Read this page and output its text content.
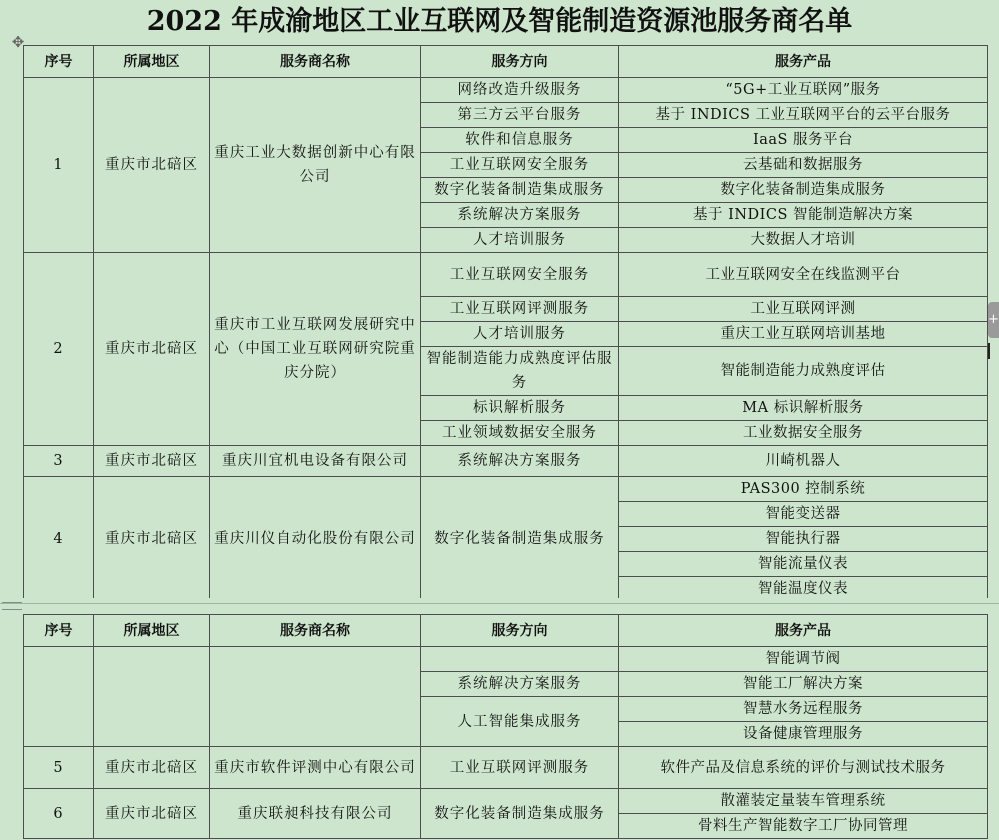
2022 年成渝地区工业互联网及智能制造资源池服务商名单
✥
序号	所属地区	服务商名称	服务方向	服务产品
1	重庆市北碚区	重庆工业大数据创新中心有限公司	网络改造升级服务	“5G+工业互联网”服务
			第三方云平台服务	基于 INDICS 工业互联网平台的云平台服务
			软件和信息服务	IaaS 服务平台
			工业互联网安全服务	云基础和数据服务
			数字化装备制造集成服务	数字化装备制造集成服务
			系统解决方案服务	基于 INDICS 智能制造解决方案
			人才培训服务	大数据人才培训
2	重庆市北碚区	重庆市工业互联网发展研究中心（中国工业互联网研究院重庆分院）	工业互联网安全服务	工业互联网安全在线监测平台
			工业互联网评测服务	工业互联网评测
			人才培训服务	重庆工业互联网培训基地
			智能制造能力成熟度评估服务	智能制造能力成熟度评估
			标识解析服务	MA 标识解析服务
			工业领域数据安全服务	工业数据安全服务

3	重庆市北碚区	重庆川宜机电设备有限公司	系统解决方案服务	川崎机器人
4	重庆市北碚区	重庆川仪自动化股份有限公司	数字化装备制造集成服务	PAS300 控制系统
				智能变送器
				智能执行器
				智能流量仪表
				智能温度仪表
序号	所属地区	服务商名称	服务方向	服务产品
				智能调节阀
			系统解决方案服务	智能工厂解决方案
			人工智能集成服务	智慧水务远程服务
				设备健康管理服务
5	重庆市北碚区	重庆市软件评测中心有限公司	工业互联网评测服务	软件产品及信息系统的评价与测试技术服务
6	重庆市北碚区	重庆联昶科技有限公司	数字化装备制造集成服务	散灌装定量装车管理系统
				骨料生产智能数字工厂协同管理
+
